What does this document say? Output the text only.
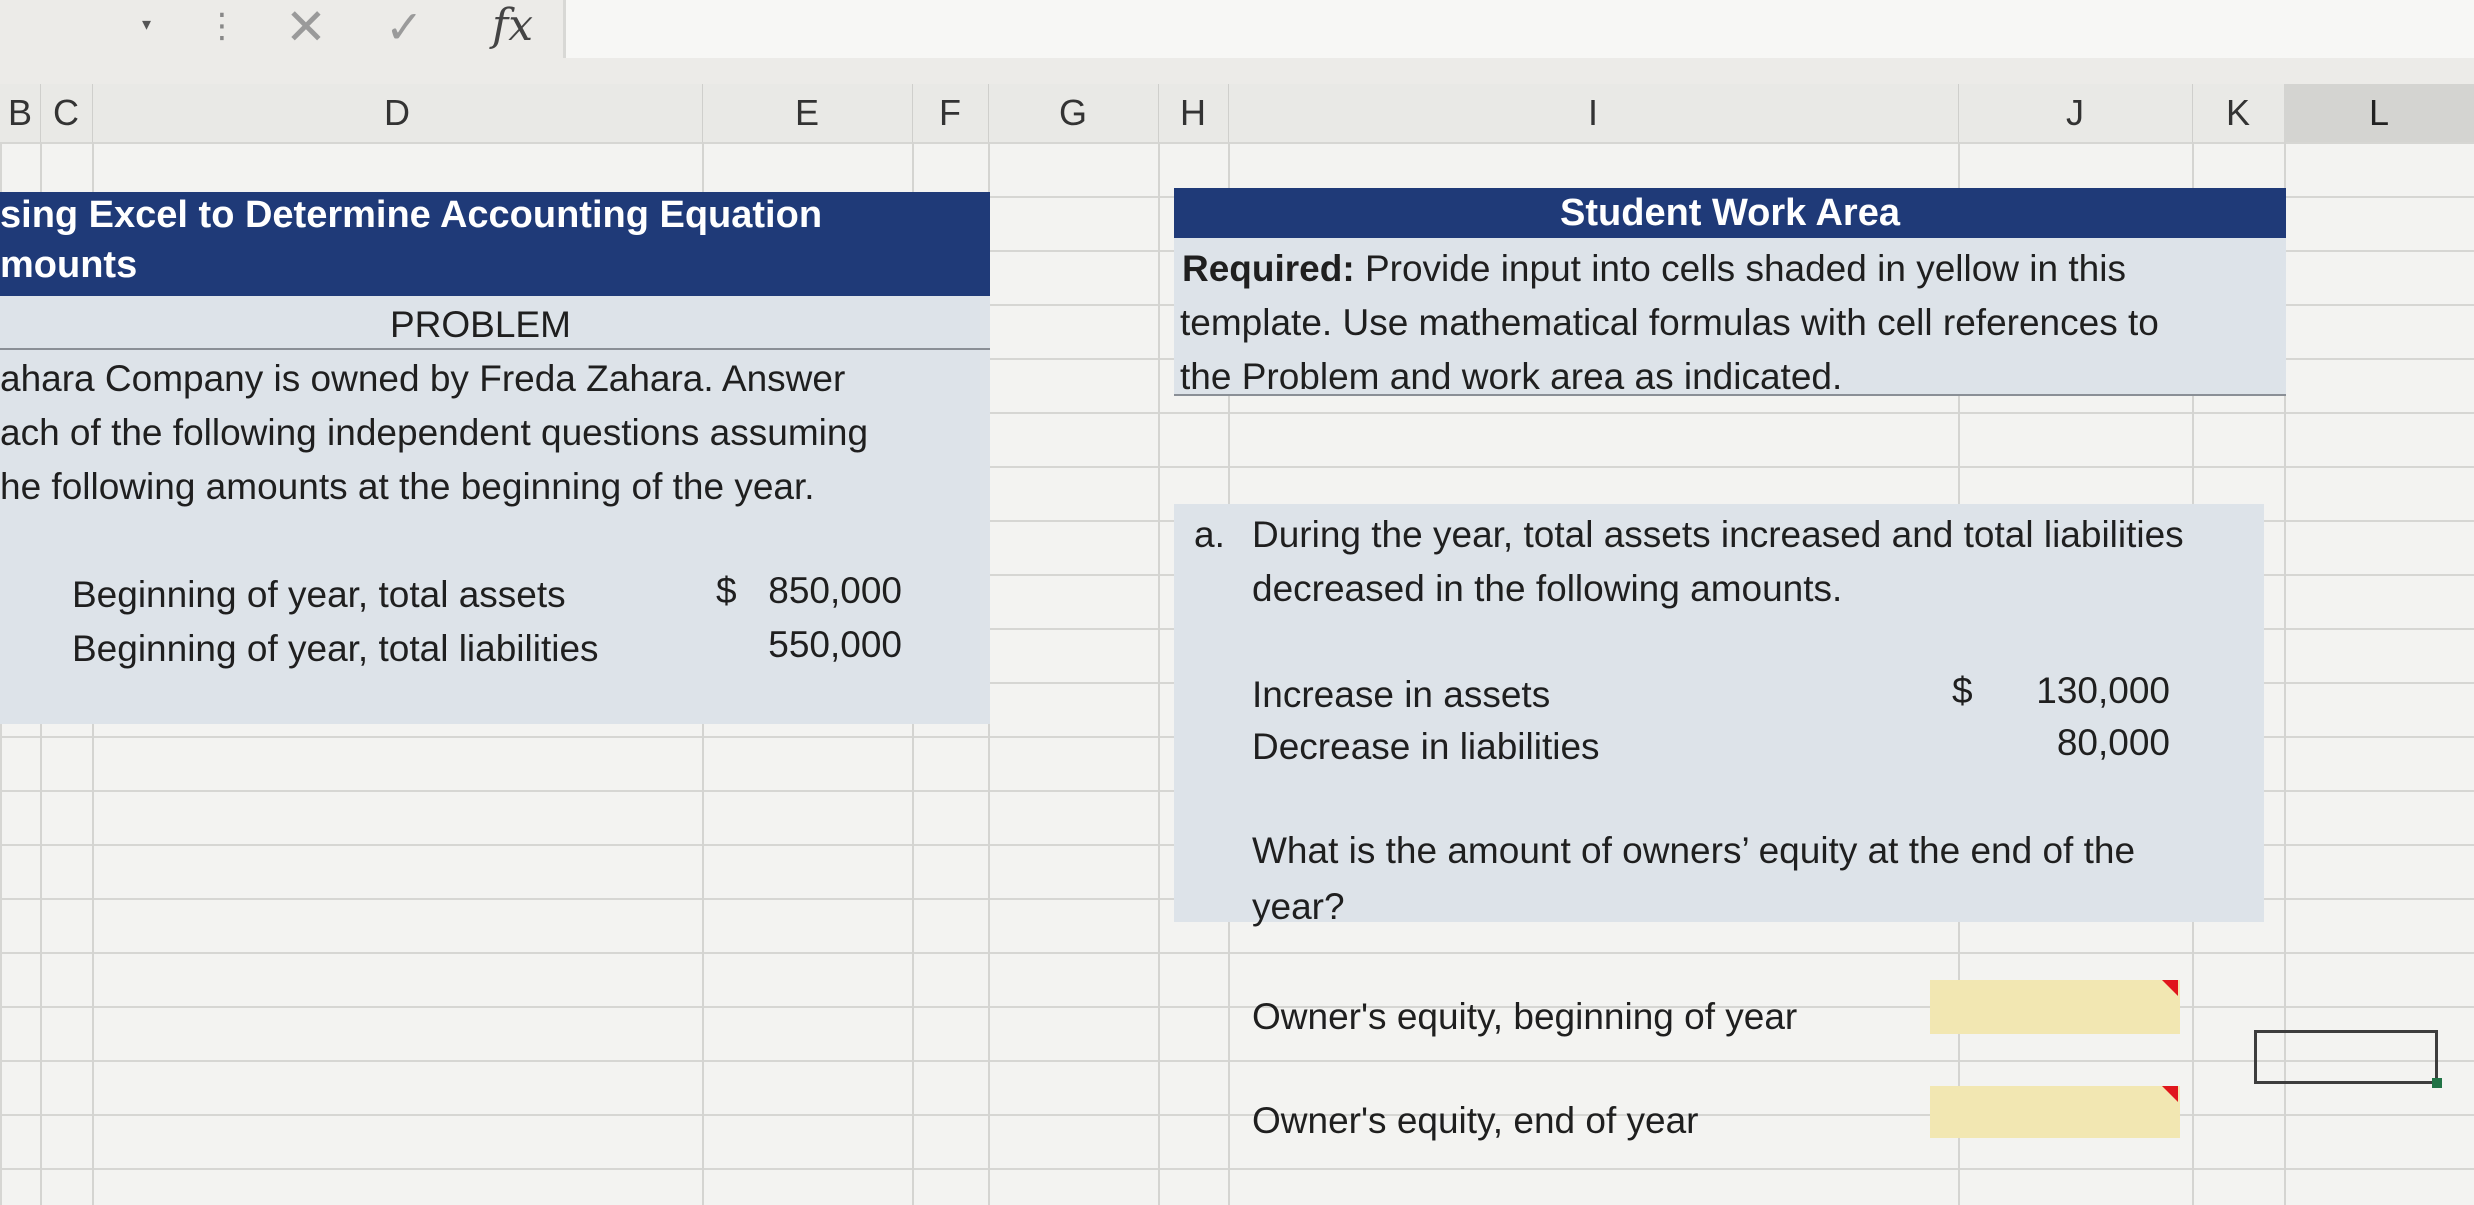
▾ ⋮ ✕ ✓ fx
B C	D	E	F	G	H	I	J	K	L
sing Excel to Determine Accounting Equation
mounts
PROBLEM
ahara Company is owned by Freda Zahara. Answer
ach of the following independent questions assuming
he following amounts at the beginning of the year.
Beginning of year, total assets	$ 850,000
Beginning of year, total liabilities	550,000
Student Work Area
Required: Provide input into cells shaded in yellow in this
template. Use mathematical formulas with cell references to
the Problem and work area as indicated.
a. During the year, total assets increased and total liabilities
decreased in the following amounts.
Increase in assets	$	130,000
Decrease in liabilities	80,000
What is the amount of owners’ equity at the end of the
year?
Owner's equity, beginning of year
Owner's equity, end of year
